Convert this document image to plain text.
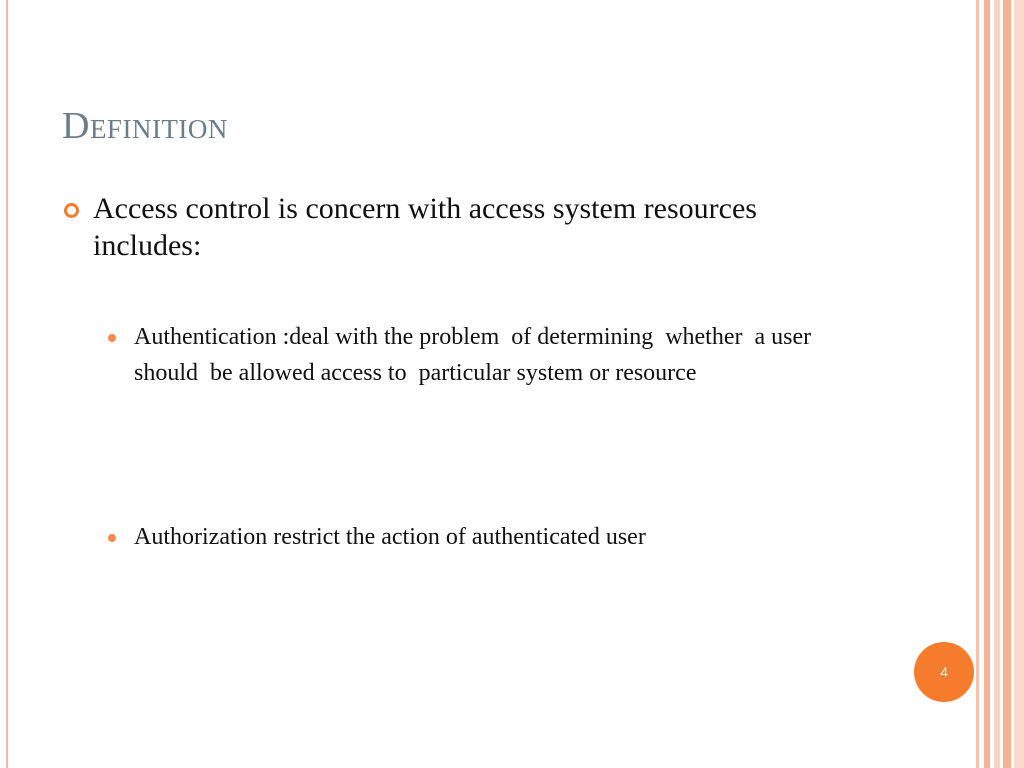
Definition
Access control is concern with access system resources includes:
Authentication :deal with the problem  of determining  whether  a user  should  be allowed access to  particular system or resource
Authorization restrict the action of authenticated user
4
